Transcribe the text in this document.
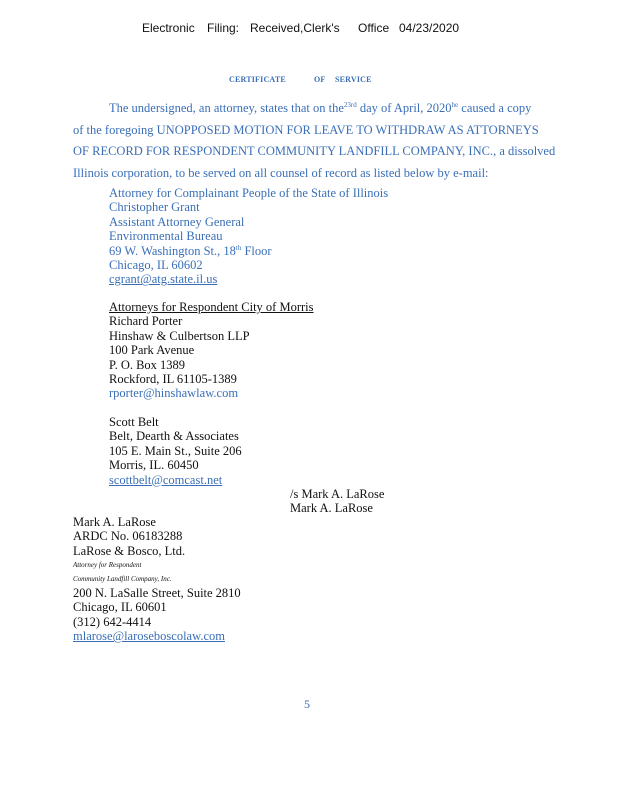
Electronic Filing: Received,Clerk's Office 04/23/2020
CERTIFICATE	OF SERVICE
The undersigned, an attorney, states that on the$^{23rd}$ day of April, $2020^{he}$ caused a copy
of the foregoing UNOPPOSED MOTION FOR LEAVE TO WITHDRAW AS ATTORNEYS
OF RECORD FOR RESPONDENT COMMUNITY LANDFILL COMPANY, INC., a dissolved
Illinois corporation, to be served on all counsel of record as listed below by e-mail:
Attorney for Complainant People of the State of Illinois
Christopher Grant
Assistant Attorney General
Environmental Bureau
69 W. Washington St., 18th Floor
Chicago, IL 60602
cgrant@atg.state.il.us
Attorneys for Respondent City of Morris
Richard Porter
Hinshaw & Culbertson LLP
100 Park Avenue
P. O. Box 1389
Rockford, IL 61105-1389
rporter@hinshawlaw.com
Scott Belt
Belt, Dearth & Associates
105 E. Main St., Suite 206
Morris, IL. 60450
scottbelt@comcast.net
/s Mark A. LaRose
Mark A. LaRose
Mark A. LaRose
ARDC No. 06183288
LaRose & Bosco, Ltd.
Attorney for Respondent
Community Landfill Company, Inc.
200 N. LaSalle Street, Suite 2810
Chicago, IL 60601
(312) 642-4414
mlarose@laroseboscolaw.com
5
